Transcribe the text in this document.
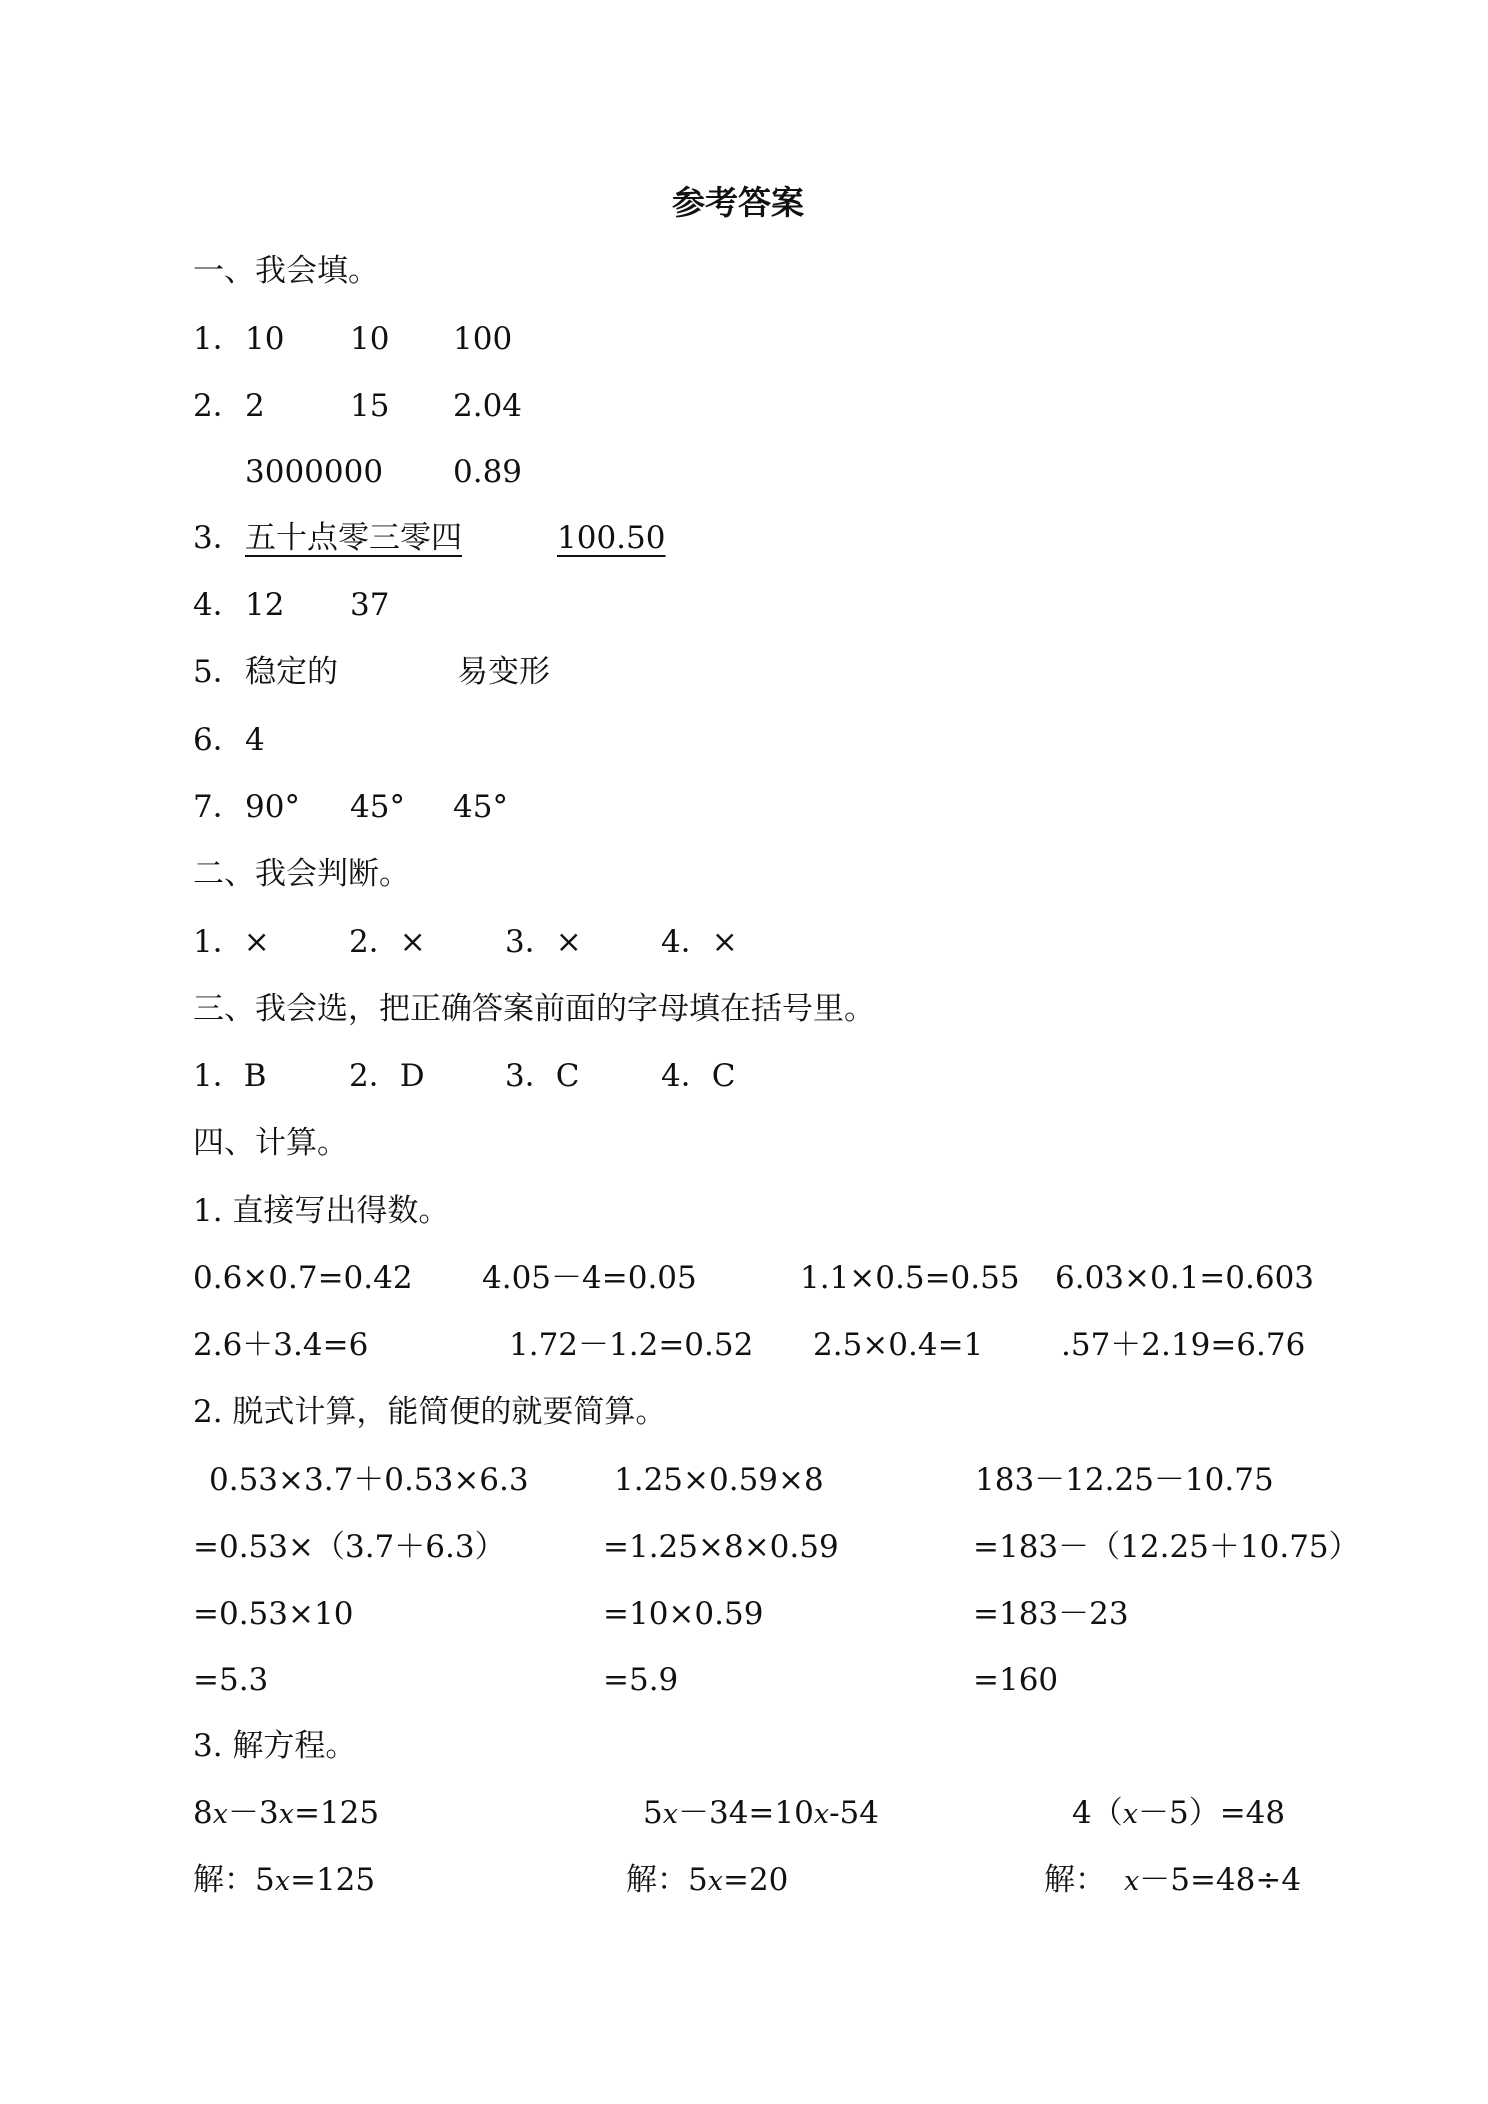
参考答案
一、我会填。
1． 10 10 100
2． 2	15 2.04
3000000 0.89
3． 五十点零三零四	100.50
4． 12 37
5． 稳定的	易变形
6． 4
7． 90° 45° 45°
二、我会判断。
1．×	2．×	3．×	4．×
三、我会选，把正确答案前面的字母填在括号里。
1．B	2．D	3．C	4．C
四、计算。
1. 直接写出得数。
0.6×0.7=0.42 4.05－4=0.05	1.1×0.5=0.55 6.03×0.1=0.603
2.6＋3.4=6	1.72－1.2=0.52 2.5×0.4=1	.57＋2.19=6.76
2. 脱式计算，能简便的就要简算。
0.53×3.7＋0.53×6.3	1.25×0.59×8	183－12.25－10.75
=0.53×（3.7＋6.3）	=1.25×8×0.59	=183－（12.25＋10.75）
=0.53×10	=10×0.59	=183－23
=5.3	=5.9	=160
3. 解方程。
8x－3x=125	5x－34=10x-54	4（x－5）=48
解：5x=125	解：5x=20	解： x－5=48÷4
